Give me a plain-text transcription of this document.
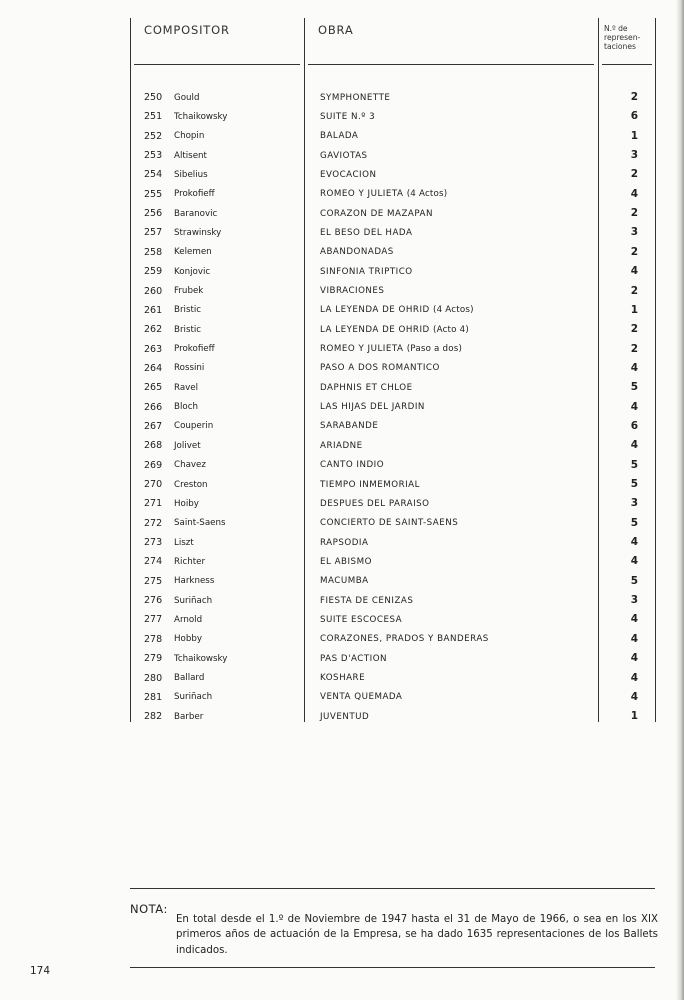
COMPOSITOR	OBRA	N.º de represen-taciones
250 Gould	SYMPHONETTE	2
251 Tchaikowsky	SUITE N.º 3	6
252 Chopin	BALADA	1
253 Altisent	GAVIOTAS	3
254 Sibelius	EVOCACION	2
255 Prokofieff	ROMEO Y JULIETA (4 Actos)	4
256 Baranovic	CORAZON DE MAZAPAN	2
257 Strawinsky	EL BESO DEL HADA	3
258 Kelemen	ABANDONADAS	2
259 Konjovic	SINFONIA TRIPTICO	4
260 Frubek	VIBRACIONES	2
261 Bristic	LA LEYENDA DE OHRID (4 Actos)	1
262 Bristic	LA LEYENDA DE OHRID (Acto 4)	2
263 Prokofieff	ROMEO Y JULIETA (Paso a dos)	2
264 Rossini	PASO A DOS ROMANTICO	4
265 Ravel	DAPHNIS ET CHLOE	5
266 Bloch	LAS HIJAS DEL JARDIN	4
267 Couperin	SARABANDE	6
268 Jolivet	ARIADNE	4
269 Chavez	CANTO INDIO	5
270 Creston	TIEMPO INMEMORIAL	5
271 Hoiby	DESPUES DEL PARAISO	3
272 Saint-Saens	CONCIERTO DE SAINT-SAENS	5
273 Liszt	RAPSODIA	4
274 Richter	EL ABISMO	4
275 Harkness	MACUMBA	5
276 Suriñach	FIESTA DE CENIZAS	3
277 Arnold	SUITE ESCOCESA	4
278 Hobby	CORAZONES, PRADOS Y BANDERAS	4
279 Tchaikowsky	PAS D'ACTION	4
280 Ballard	KOSHARE	4
281 Suriñach	VENTA QUEMADA	4
282 Barber	JUVENTUD	1
NOTA:
En total desde el 1.º de Noviembre de 1947 hasta el 31 de Mayo de 1966, o sea en los XIX primeros años de actuación de la Empresa, se ha dado 1635 representaciones de los Ballets indicados.
174
